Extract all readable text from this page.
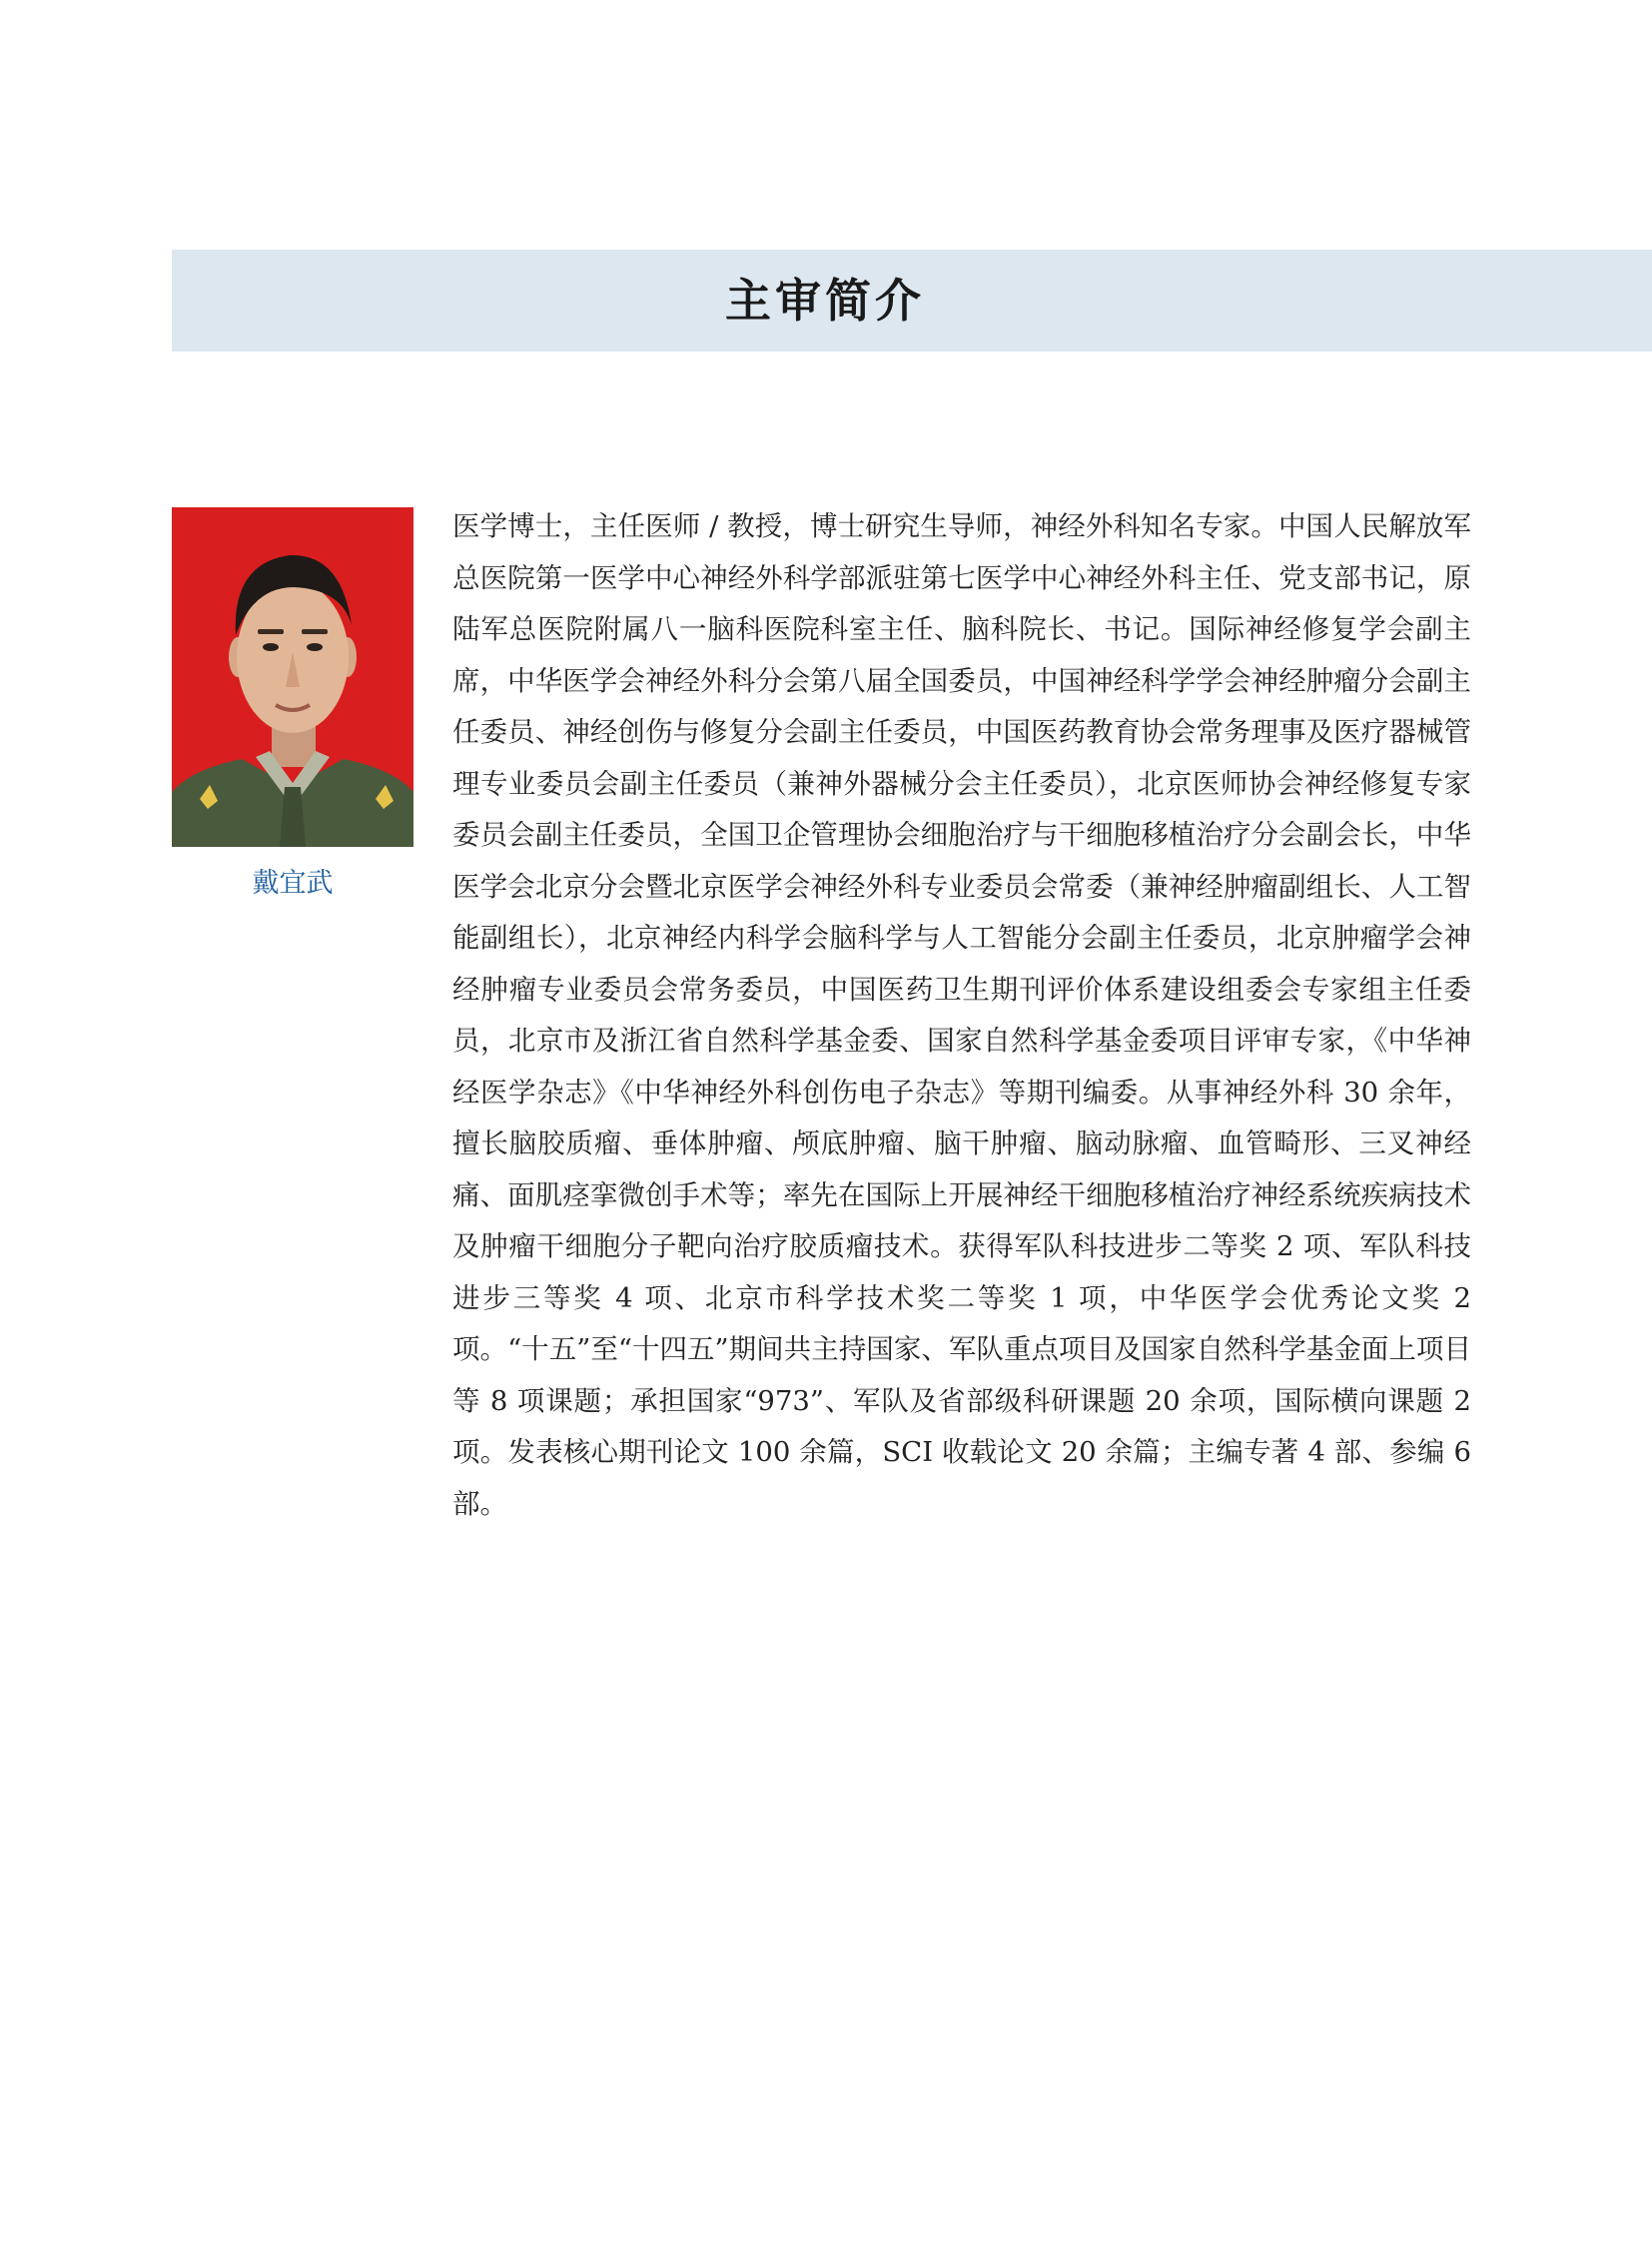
主审简介
戴宜武
医学博士，主任医师 / 教授，博士研究生导师，神经外科知名专家。中国人民解放军总医院第一医学中心神经外科学部派驻第七医学中心神经外科主任、党支部书记，原陆军总医院附属八一脑科医院科室主任、脑科院长、书记。国际神经修复学会副主席，中华医学会神经外科分会第八届全国委员，中国神经科学学会神经肿瘤分会副主任委员、神经创伤与修复分会副主任委员，中国医药教育协会常务理事及医疗器械管理专业委员会副主任委员（兼神外器械分会主任委员），北京医师协会神经修复专家委员会副主任委员，全国卫企管理协会细胞治疗与干细胞移植治疗分会副会长，中华医学会北京分会暨北京医学会神经外科专业委员会常委（兼神经肿瘤副组长、人工智能副组长），北京神经内科学会脑科学与人工智能分会副主任委员，北京肿瘤学会神经肿瘤专业委员会常务委员，中国医药卫生期刊评价体系建设组委会专家组主任委员，北京市及浙江省自然科学基金委、国家自然科学基金委项目评审专家，《中华神经医学杂志》《中华神经外科创伤电子杂志》等期刊编委。从事神经外科 30 余年，擅长脑胶质瘤、垂体肿瘤、颅底肿瘤、脑干肿瘤、脑动脉瘤、血管畸形、三叉神经痛、面肌痉挛微创手术等；率先在国际上开展神经干细胞移植治疗神经系统疾病技术及肿瘤干细胞分子靶向治疗胶质瘤技术。获得军队科技进步二等奖 2 项、军队科技进步三等奖 4 项、北京市科学技术奖二等奖 1 项，中华医学会优秀论文奖 2 项。“十五”至“十四五”期间共主持国家、军队重点项目及国家自然科学基金面上项目等 8 项课题；承担国家“973”、军队及省部级科研课题 20 余项，国际横向课题 2 项。发表核心期刊论文 100 余篇，SCI 收载论文 20 余篇；主编专著 4 部、参编 6 部。
